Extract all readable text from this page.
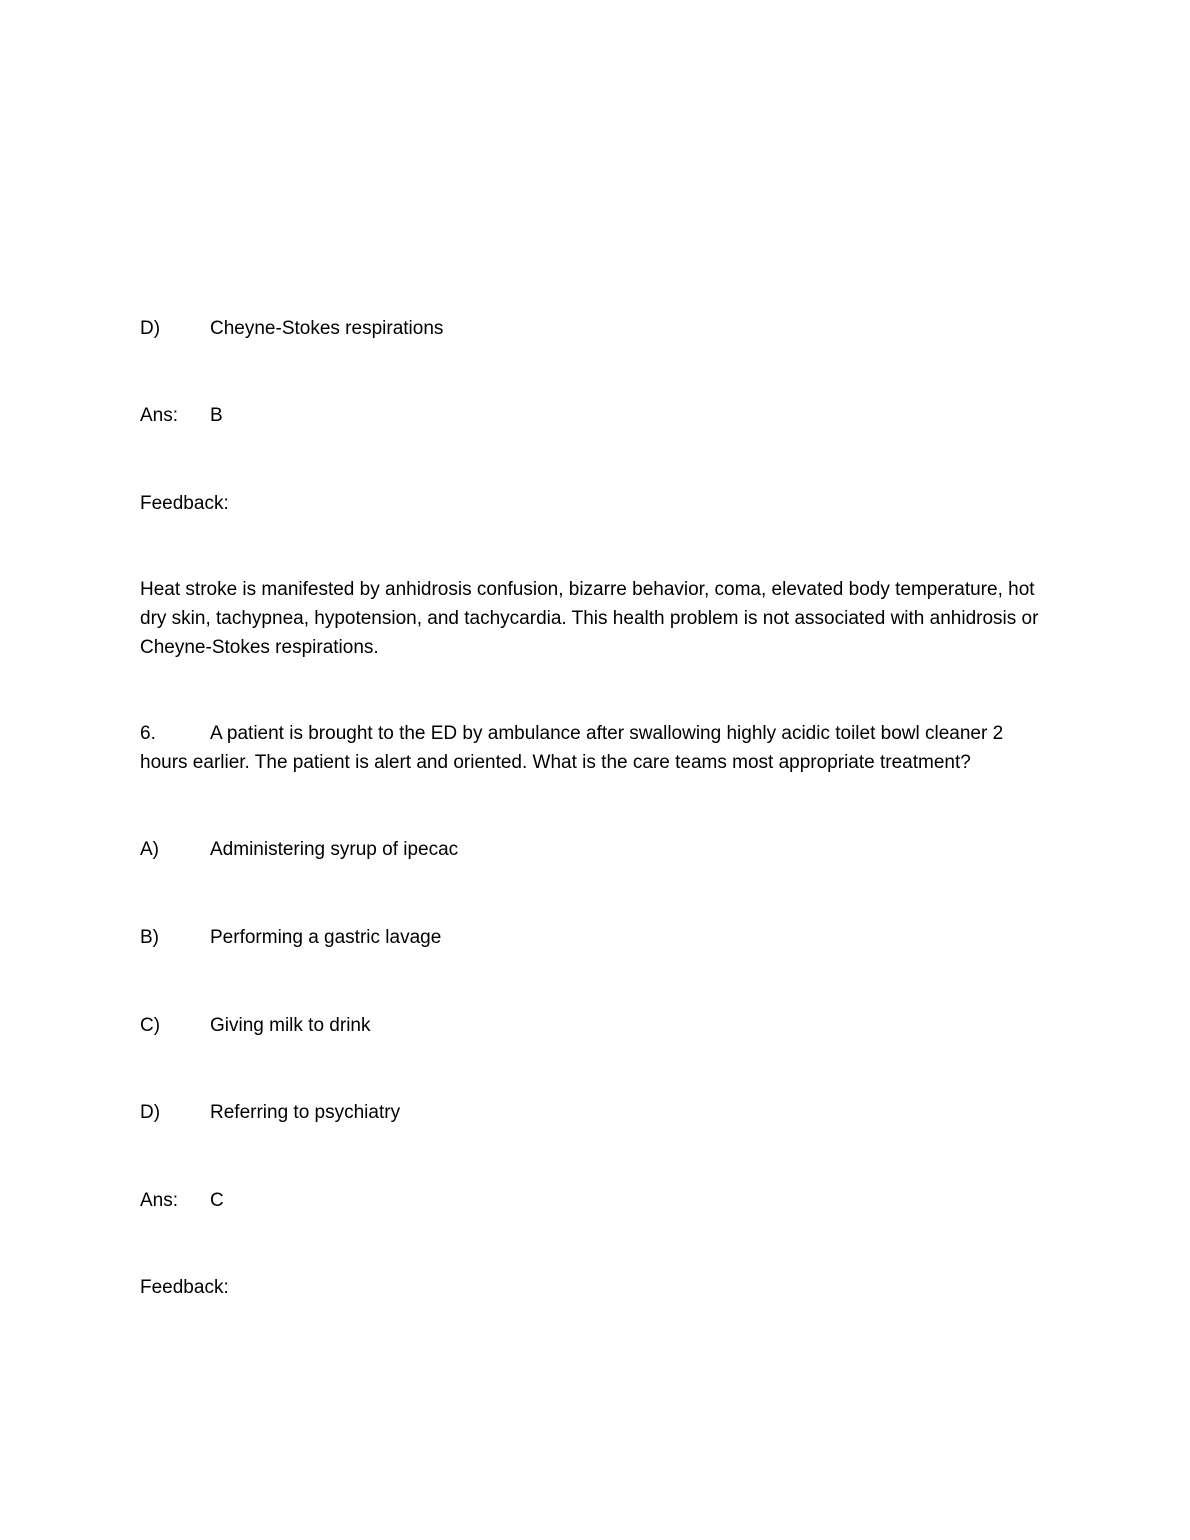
D)	Cheyne-Stokes respirations
Ans: B
Feedback:
Heat stroke is manifested by anhidrosis confusion, bizarre behavior, coma, elevated body temperature, hot dry skin, tachypnea, hypotension, and tachycardia. This health problem is not associated with anhidrosis or Cheyne-Stokes respirations.
6.	A patient is brought to the ED by ambulance after swallowing highly acidic toilet bowl cleaner 2
hours earlier. The patient is alert and oriented. What is the care teams most appropriate treatment?
A)	Administering syrup of ipecac
B)	Performing a gastric lavage
C)	Giving milk to drink
D)	Referring to psychiatry
Ans: C
Feedback:
